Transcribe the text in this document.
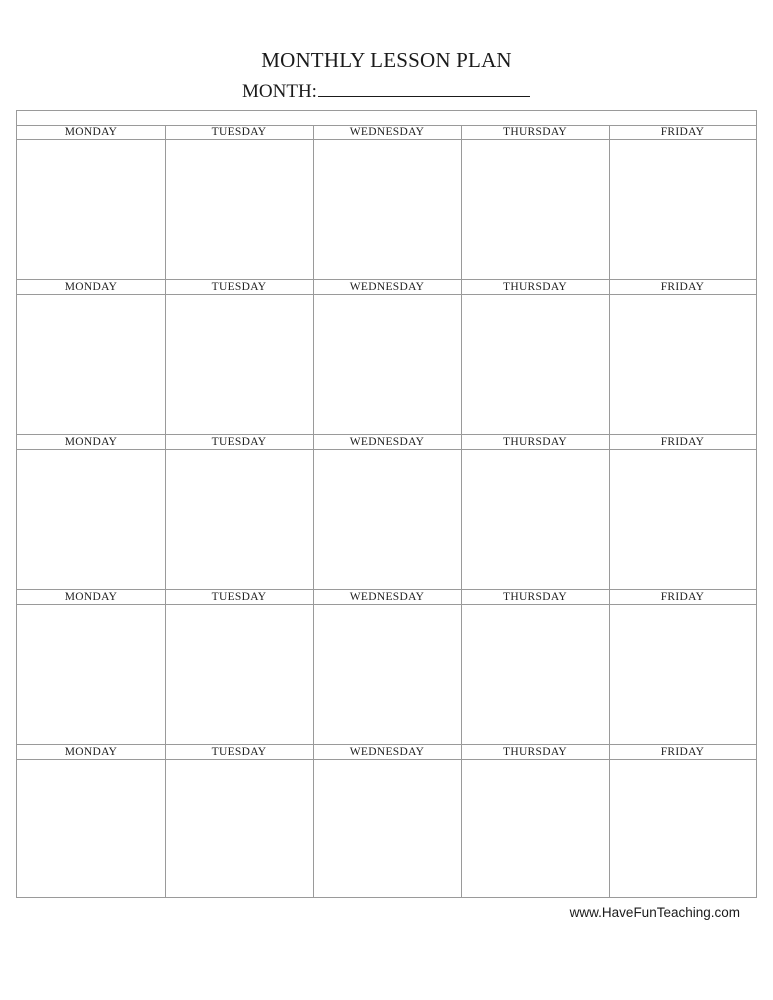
MONTHLY LESSON PLAN
MONTH:
MONDAY	TUESDAY	WEDNESDAY	THURSDAY	FRIDAY
MONDAY	TUESDAY	WEDNESDAY	THURSDAY	FRIDAY
MONDAY	TUESDAY	WEDNESDAY	THURSDAY	FRIDAY
MONDAY	TUESDAY	WEDNESDAY	THURSDAY	FRIDAY
MONDAY	TUESDAY	WEDNESDAY	THURSDAY	FRIDAY
www.HaveFunTeaching.com
